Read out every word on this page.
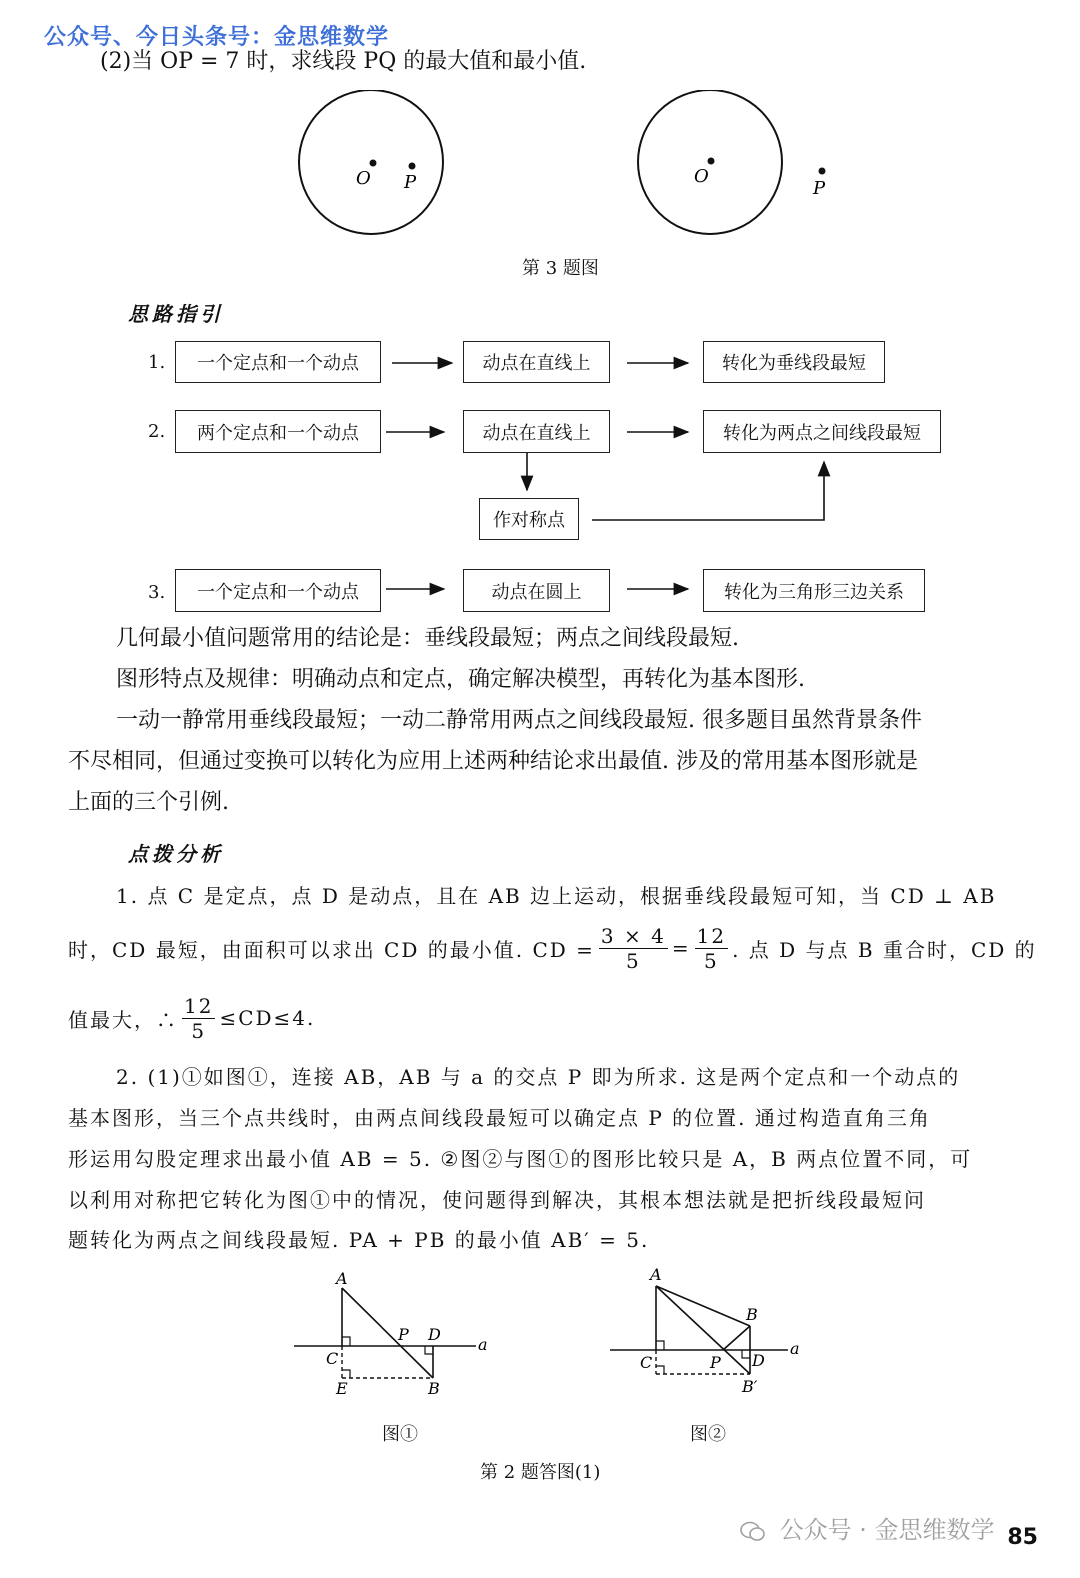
公众号、今日头条号：金思维数学
(2)当 OP = 7 时，求线段 PQ 的最大值和最小值.
O P	O
P
第 3 题图
思路指引
1.	一个定点和一个动点	动点在直线上	转化为垂线段最短
2.	两个定点和一个动点	动点在直线上	转化为两点之间线段最短
作对称点
3.	一个定点和一个动点	动点在圆上	转化为三角形三边关系
几何最小值问题常用的结论是：垂线段最短；两点之间线段最短.
图形特点及规律：明确动点和定点，确定解决模型，再转化为基本图形.
一动一静常用垂线段最短；一动二静常用两点之间线段最短. 很多题目虽然背景条件
不尽相同，但通过变换可以转化为应用上述两种结论求出最值. 涉及的常用基本图形就是
上面的三个引例.
点拨分析
1. 点 C 是定点，点 D 是动点，且在 AB 边上运动，根据垂线段最短可知，当 CD ⊥ AB
时，CD 最短，由面积可以求出 CD 的最小值. CD = $\frac{3 \times 4}{5} = \frac{12}{5}$ . 点 D 与点 B 重合时，CD 的
值最大，∴ $\frac{12}{5} \le CD\le 4$.
2. (1)①如图①，连接 AB，AB 与 a 的交点 P 即为所求. 这是两个定点和一个动点的
基本图形，当三个点共线时，由两点间线段最短可以确定点 P 的位置. 通过构造直角三角
形运用勾股定理求出最小值 AB = 5. ②图②与图①的图形比较只是 A，B 两点位置不同，可
以利用对称把它转化为图①中的情况，使问题得到解决，其根本想法就是把折线段最短问
题转化为两点之间线段最短. PA + PB 的最小值 AB′ = 5.
A
P D
a
C
E	B
A
B
a
C	P D
B′
图①	图②
第 2 题答图(1)
公众号 · 金思维数学 85
